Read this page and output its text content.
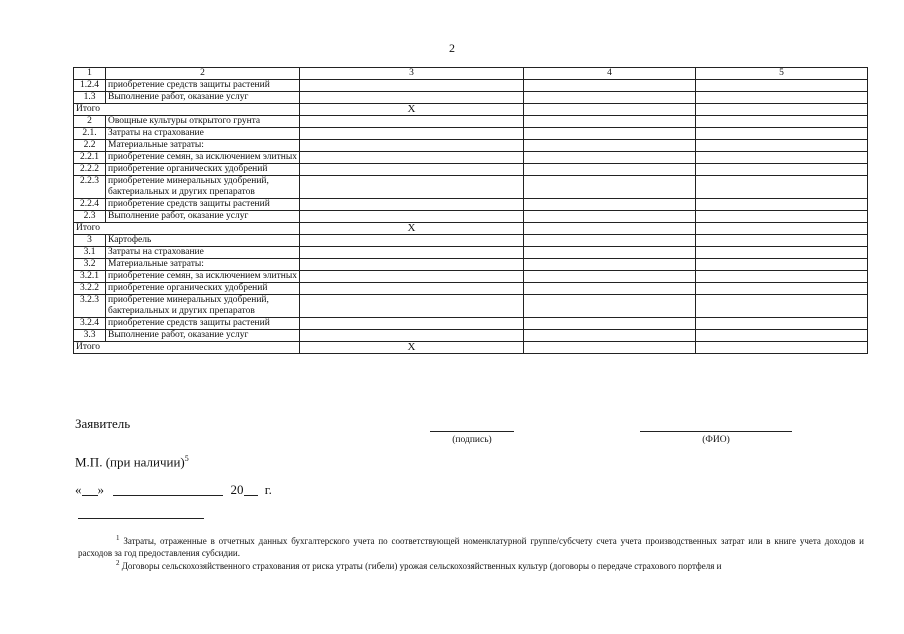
2
1	2	3	4	5
1.2.4	приобретение средств защиты растений			
1.3	Выполнение работ, оказание услуг			
Итого		X		
2	Овощные культуры открытого грунта			
2.1.	Затраты на страхование			
2.2	Материальные затраты:			
2.2.1	приобретение семян, за исключением элитных			
2.2.2	приобретение органических удобрений			
2.2.3	приобретение минеральных удобрений, бактериальных и других препаратов			
2.2.4	приобретение средств защиты растений			
2.3	Выполнение работ, оказание услуг			
Итого		X		
3	Картофель			
3.1	Затраты на страхование			
3.2	Материальные затраты:			
3.2.1	приобретение семян, за исключением элитных			
3.2.2	приобретение органических удобрений			
3.2.3	приобретение минеральных удобрений, бактериальных и других препаратов			
3.2.4	приобретение средств защиты растений			
3.3	Выполнение работ, оказание услуг			
Итого		X		
Заявитель
(подпись)	(ФИО)
М.П. (при наличии)$^5$
« »	20 г.
$^1$ Затраты, отраженные в отчетных данных бухгалтерского учета по соответствующей номенклатурной группе/субсчету счета учета производственных затрат или в книге учета доходов и расходов за год предоставления субсидии.
$^2$ Договоры сельскохозяйственного страхования от риска утраты (гибели) урожая сельскохозяйственных культур (договоры о передаче страхового портфеля и
